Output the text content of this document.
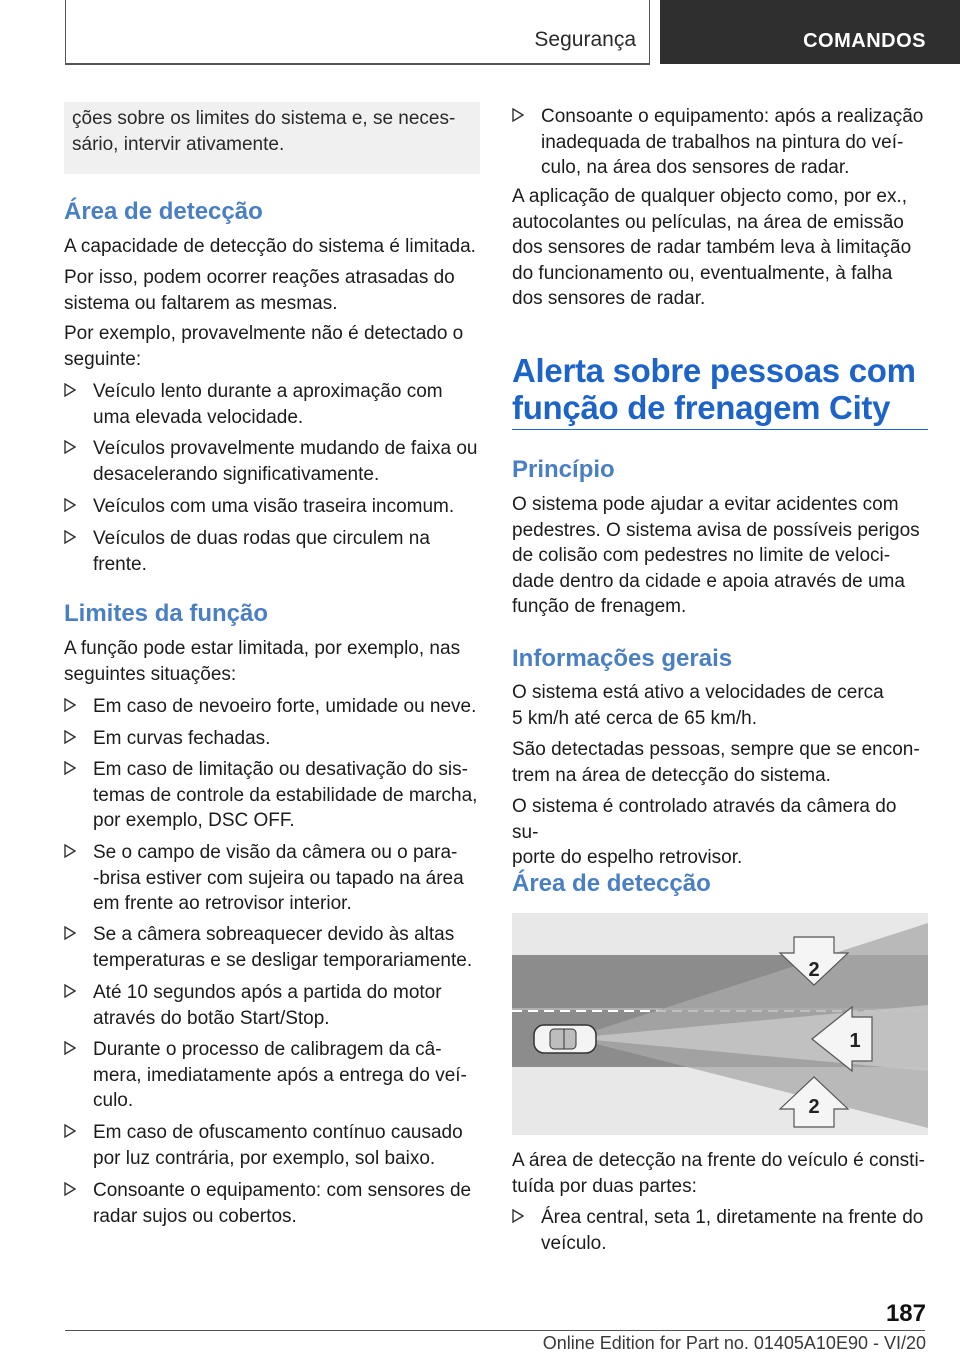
Segurança	COMANDOS

ções sobre os limites do sistema e, se neces-
sário, intervir ativamente.

Área de detecção

A capacidade de detecção do sistema é limitada.

Por isso, podem ocorrer reações atrasadas do
sistema ou faltarem as mesmas.

Por exemplo, provavelmente não é detectado o
seguinte:

Veículo lento durante a aproximação com
uma elevada velocidade.

Veículos provavelmente mudando de faixa ou
desacelerando significativamente.

Veículos com uma visão traseira incomum.

Veículos de duas rodas que circulem na
frente.

Limites da função

A função pode estar limitada, por exemplo, nas
seguintes situações:

Em caso de nevoeiro forte, umidade ou neve.

Em curvas fechadas.

Em caso de limitação ou desativação do sis-
temas de controle da estabilidade de marcha,
por exemplo, DSC OFF.

Se o campo de visão da câmera ou o para-
-brisa estiver com sujeira ou tapado na área
em frente ao retrovisor interior.

Se a câmera sobreaquecer devido às altas
temperaturas e se desligar temporariamente.

Até 10 segundos após a partida do motor
através do botão Start/Stop.

Durante o processo de calibragem da câ-
mera, imediatamente após a entrega do veí-
culo.

Em caso de ofuscamento contínuo causado
por luz contrária, por exemplo, sol baixo.

Consoante o equipamento: com sensores de
radar sujos ou cobertos.

Consoante o equipamento: após a realização
inadequada de trabalhos na pintura do veí-
culo, na área dos sensores de radar.

A aplicação de qualquer objecto como, por ex.,
autocolantes ou películas, na área de emissão
dos sensores de radar também leva à limitação
do funcionamento ou, eventualmente, à falha
dos sensores de radar.

Alerta sobre pessoas com
função de frenagem City
Princípio

O sistema pode ajudar a evitar acidentes com
pedestres. O sistema avisa de possíveis perigos
de colisão com pedestres no limite de veloci-
dade dentro da cidade e apoia através de uma
função de frenagem.

Informações gerais

O sistema está ativo a velocidades de cerca
5 km/h até cerca de 65 km/h.

São detectadas pessoas, sempre que se encon-
trem na área de detecção do sistema.

O sistema é controlado através da câmera do su-
porte do espelho retrovisor.

Área de detecção

A área de detecção na frente do veículo é consti-
tuída por duas partes:

Área central, seta 1, diretamente na frente do
veículo.

2
1
2
187
Online Edition for Part no. 01405A10E90 - VI/20
